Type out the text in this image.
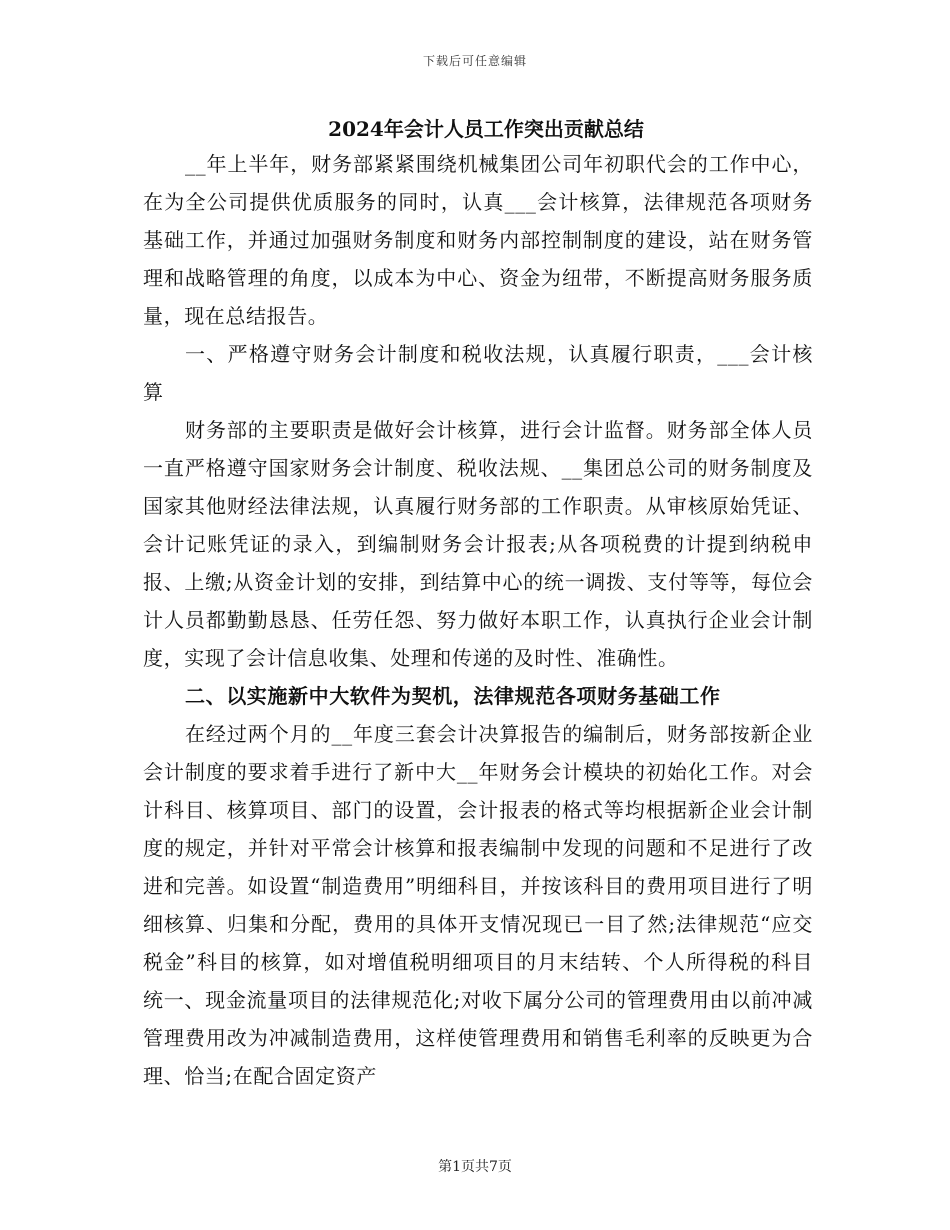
下载后可任意编辑
2024年会计人员工作突出贡献总结

__年上半年，财务部紧紧围绕机械集团公司年初职代会的工作中心，在为全公司提供优质服务的同时，认真___会计核算，法律规范各项财务基础工作，并通过加强财务制度和财务内部控制制度的建设，站在财务管理和战略管理的角度，以成本为中心、资金为纽带，不断提高财务服务质量，现在总结报告。

一、严格遵守财务会计制度和税收法规，认真履行职责，___会计核算

财务部的主要职责是做好会计核算，进行会计监督。财务部全体人员一直严格遵守国家财务会计制度、税收法规、__集团总公司的财务制度及国家其他财经法律法规，认真履行财务部的工作职责。从审核原始凭证、会计记账凭证的录入，到编制财务会计报表;从各项税费的计提到纳税申报、上缴;从资金计划的安排，到结算中心的统一调拨、支付等等，每位会计人员都勤勤恳恳、任劳任怨、努力做好本职工作，认真执行企业会计制度，实现了会计信息收集、处理和传递的及时性、准确性。

二、以实施新中大软件为契机，法律规范各项财务基础工作

在经过两个月的__年度三套会计决算报告的编制后，财务部按新企业会计制度的要求着手进行了新中大__年财务会计模块的初始化工作。对会计科目、核算项目、部门的设置，会计报表的格式等均根据新企业会计制度的规定，并针对平常会计核算和报表编制中发现的问题和不足进行了改进和完善。如设置“制造费用”明细科目，并按该科目的费用项目进行了明细核算、归集和分配，费用的具体开支情况现已一目了然;法律规范“应交税金”科目的核算，如对增值税明细项目的月末结转、个人所得税的科目统一、现金流量项目的法律规范化;对收下属分公司的管理费用由以前冲减管理费用改为冲减制造费用，这样使管理费用和销售毛利率的反映更为合理、恰当;在配合固定资产

第1页共7页
